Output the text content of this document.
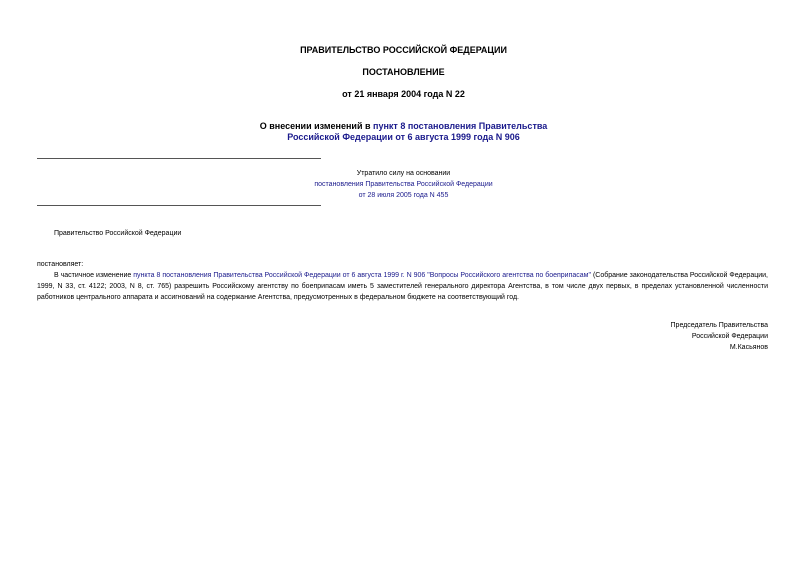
ПРАВИТЕЛЬСТВО РОССИЙСКОЙ ФЕДЕРАЦИИ
ПОСТАНОВЛЕНИЕ
от 21 января 2004 года N 22
О внесении изменений в пункт 8 постановления Правительства
Российской Федерации от 6 августа 1999 года N 906
Утратило силу на основании
постановления Правительства Российской Федерации
от 28 июля 2005 года N 455
Правительство Российской Федерации
постановляет:
В частичное изменение пункта 8 постановления Правительства Российской Федерации от 6 августа 1999 г. N 906 "Вопросы Российского агентства по боеприпасам" (Собрание законодательства Российской Федерации, 1999, N 33, ст. 4122; 2003, N 8, ст. 765) разрешить Российскому агентству по боеприпасам иметь 5 заместителей генерального директора Агентства, в том числе двух первых, в пределах установленной численности работников центрального аппарата и ассигнований на содержание Агентства, предусмотренных в федеральном бюджете на соответствующий год.
Председатель Правительства
Российской Федерации
М.Касьянов
